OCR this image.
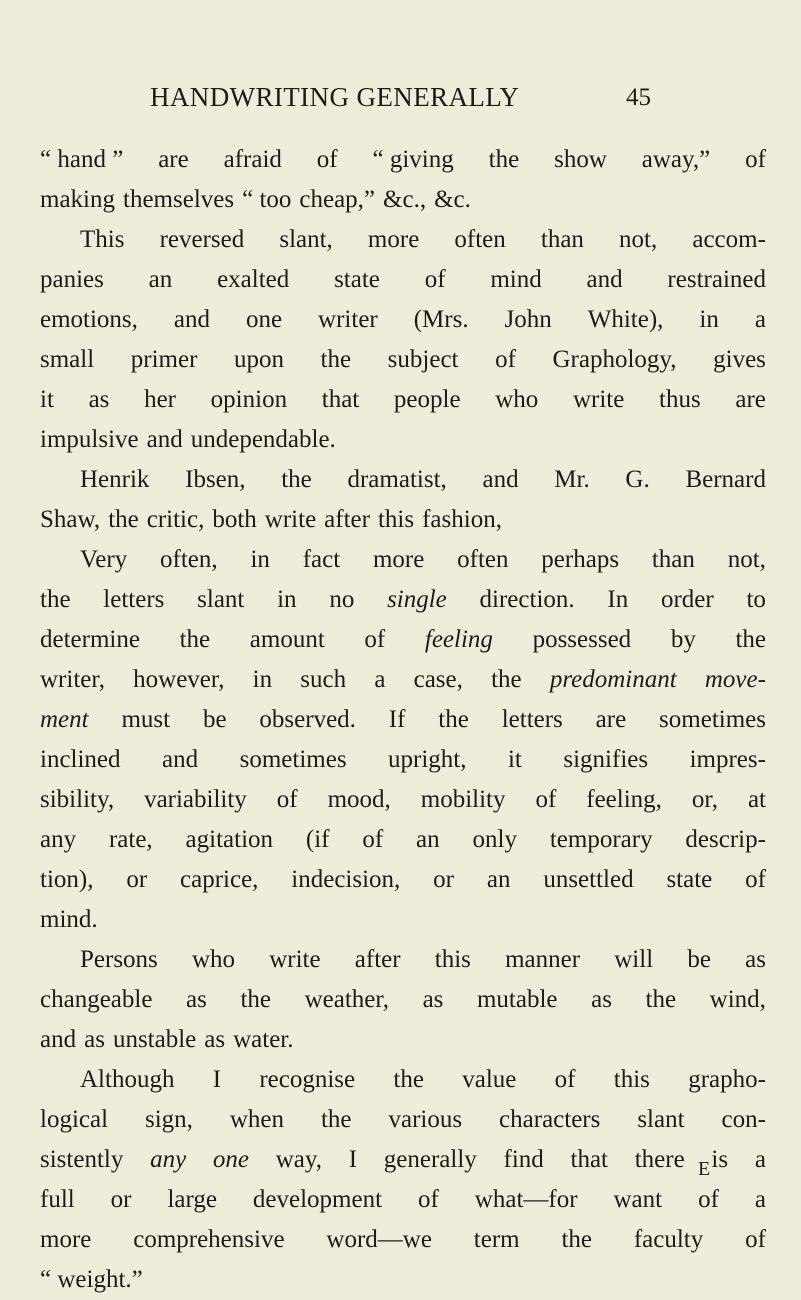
HANDWRITING GENERALLY	45
“ hand ” are afraid of “ giving the show away,” of
making themselves “ too cheap,” &c., &c.
This reversed slant, more often than not, accom-
panies an exalted state of mind and restrained
emotions, and one writer (Mrs. John White), in a
small primer upon the subject of Graphology, gives
it as her opinion that people who write thus are
impulsive and undependable.
Henrik Ibsen, the dramatist, and Mr. G. Bernard
Shaw, the critic, both write after this fashion,
Very often, in fact more often perhaps than not,
the letters slant in no single direction. In order to
determine the amount of feeling possessed by the
writer, however, in such a case, the predominant move-
ment must be observed. If the letters are sometimes
inclined and sometimes upright, it signifies impres-
sibility, variability of mood, mobility of feeling, or, at
any rate, agitation (if of an only temporary descrip-
tion), or caprice, indecision, or an unsettled state of
mind.
Persons who write after this manner will be as
changeable as the weather, as mutable as the wind,
and as unstable as water.
Although I recognise the value of this grapho-
logical sign, when the various characters slant con-
sistently any one way, I generally find that there is a
full or large development of what—for want of a
more comprehensive word—we term the faculty of
“ weight.”
E
